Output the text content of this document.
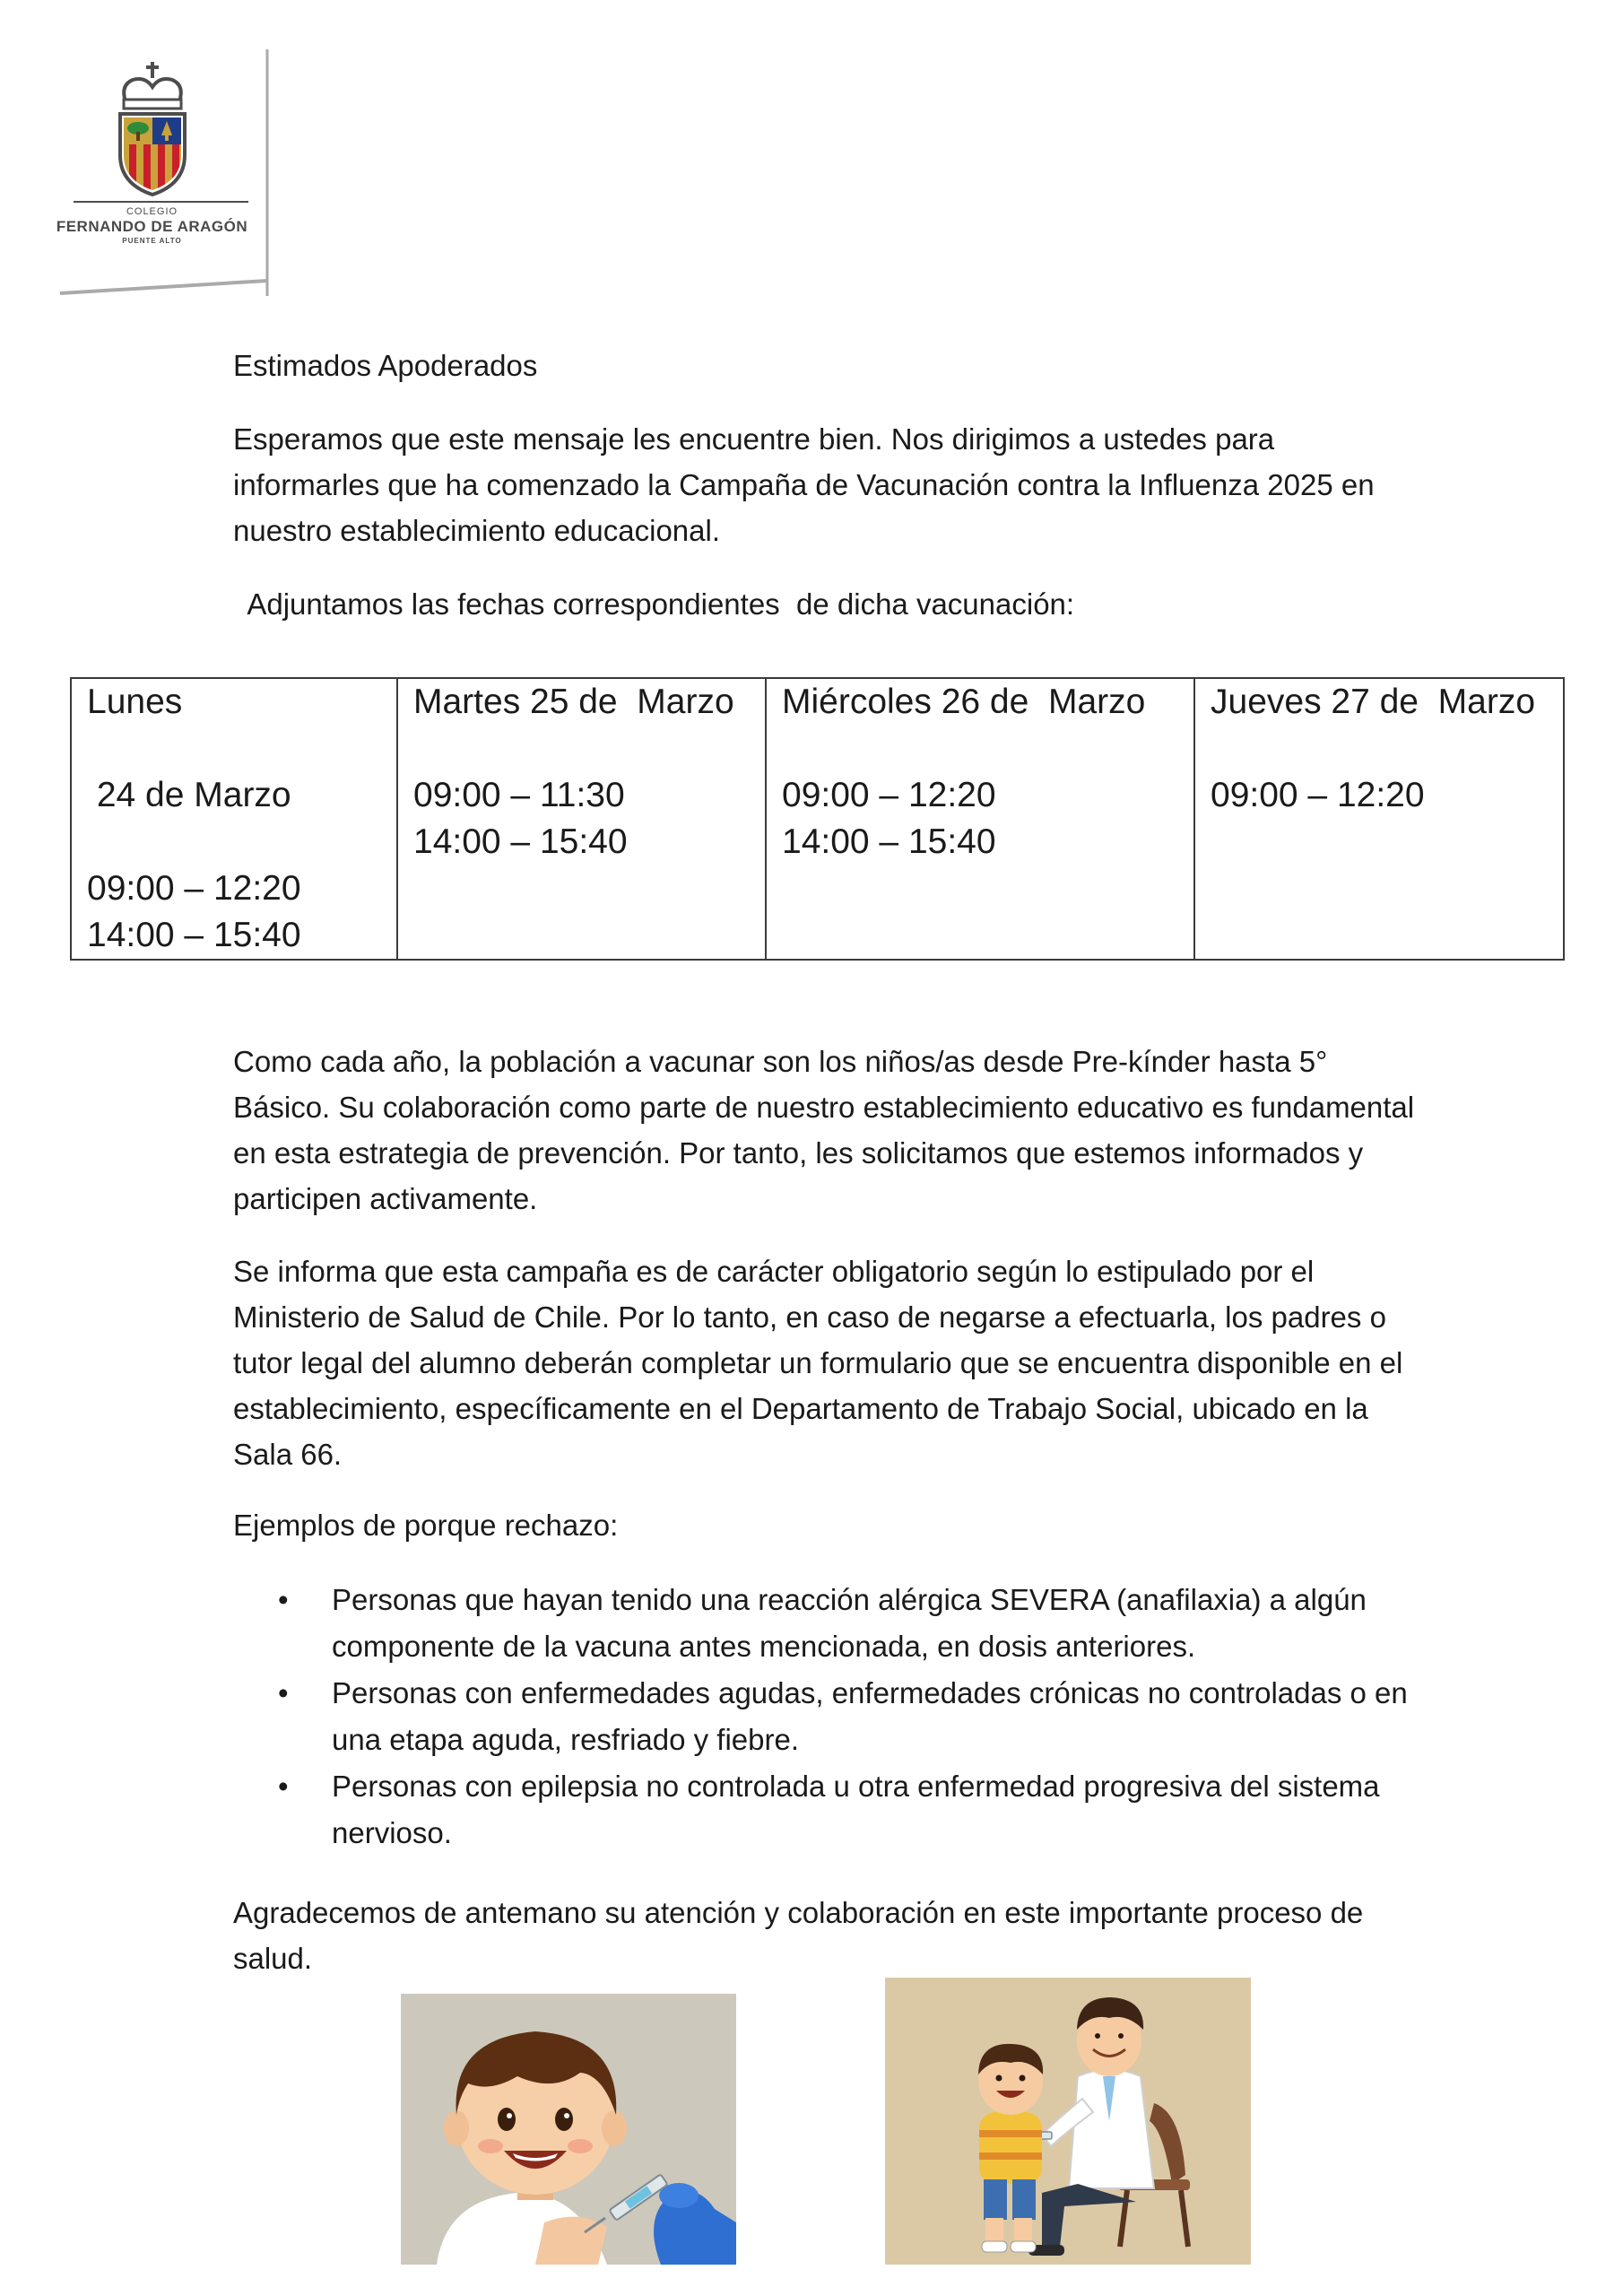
COLEGIO
FERNANDO DE ARAGÓN
PUENTE ALTO

Estimados Apoderados

Esperamos que este mensaje les encuentre bien. Nos dirigimos a ustedes para informarles que ha comenzado la Campaña de Vacunación contra la Influenza 2025 en nuestro establecimiento educacional.

Adjuntamos las fechas correspondientes  de dicha vacunación:

Lunes
24 de Marzo
09:00 – 12:20
14:00 – 15:40

Martes 25 de  Marzo
09:00 – 11:30
14:00 – 15:40

Miércoles 26 de  Marzo
09:00 – 12:20
14:00 – 15:40

Jueves 27 de  Marzo
09:00 – 12:20

Como cada año, la población a vacunar son los niños/as desde Pre-kínder hasta 5° Básico. Su colaboración como parte de nuestro establecimiento educativo es fundamental en esta estrategia de prevención. Por tanto, les solicitamos que estemos informados y participen activamente.

Se informa que esta campaña es de carácter obligatorio según lo estipulado por el Ministerio de Salud de Chile. Por lo tanto, en caso de negarse a efectuarla, los padres o tutor legal del alumno deberán completar un formulario que se encuentra disponible en el establecimiento, específicamente en el Departamento de Trabajo Social, ubicado en la Sala 66.

Ejemplos de porque rechazo:

• Personas que hayan tenido una reacción alérgica SEVERA (anafilaxia) a algún componente de la vacuna antes mencionada, en dosis anteriores.
• Personas con enfermedades agudas, enfermedades crónicas no controladas o en una etapa aguda, resfriado y fiebre.
• Personas con epilepsia no controlada u otra enfermedad progresiva del sistema nervioso.

Agradecemos de antemano su atención y colaboración en este importante proceso de salud.
